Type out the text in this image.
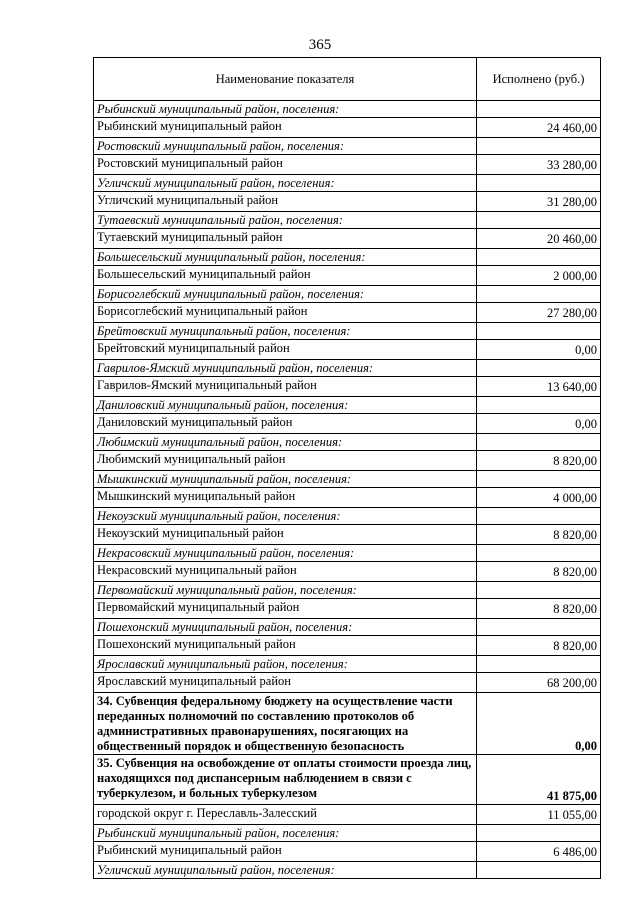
365
Наименование показателя	Исполнено (руб.)
Рыбинский муниципальный район, поселения:	
Рыбинский муниципальный район	24 460,00
Ростовский муниципальный район, поселения:	
Ростовский муниципальный район	33 280,00
Угличский муниципальный район, поселения:	
Угличский муниципальный район	31 280,00
Тутаевский муниципальный район, поселения:	
Тутаевский муниципальный район	20 460,00
Большесельский муниципальный район, поселения:	
Большесельский муниципальный район	2 000,00
Борисоглебский муниципальный район, поселения:	
Борисоглебский муниципальный район	27 280,00
Брейтовский муниципальный район, поселения:	
Брейтовский муниципальный район	0,00
Гаврилов-Ямский муниципальный район, поселения:	
Гаврилов-Ямский муниципальный район	13 640,00
Даниловский муниципальный район, поселения:	
Даниловский муниципальный район	0,00
Любимский муниципальный район, поселения:	
Любимский муниципальный район	8 820,00
Мышкинский муниципальный район, поселения:	
Мышкинский муниципальный район	4 000,00
Некоузский муниципальный район, поселения:	
Некоузский муниципальный район	8 820,00
Некрасовский муниципальный район, поселения:	
Некрасовский муниципальный район	8 820,00
Первомайский муниципальный район, поселения:	
Первомайский муниципальный район	8 820,00
Пошехонский муниципальный район, поселения:	
Пошехонский муниципальный район	8 820,00
Ярославский муниципальный район, поселения:	
Ярославский муниципальный район	68 200,00
34. Субвенция федеральному бюджету на осуществление части переданных полномочий по составлению протоколов об административных правонарушениях, посягающих на общественный порядок и общественную безопасность	0,00
35. Субвенция на освобождение от оплаты стоимости проезда лиц, находящихся под диспансерным наблюдением в связи с туберкулезом, и больных туберкулезом	41 875,00
городской округ г. Переславль-Залесский	11 055,00
Рыбинский муниципальный район, поселения:	
Рыбинский муниципальный район	6 486,00
Угличский муниципальный район, поселения:	
